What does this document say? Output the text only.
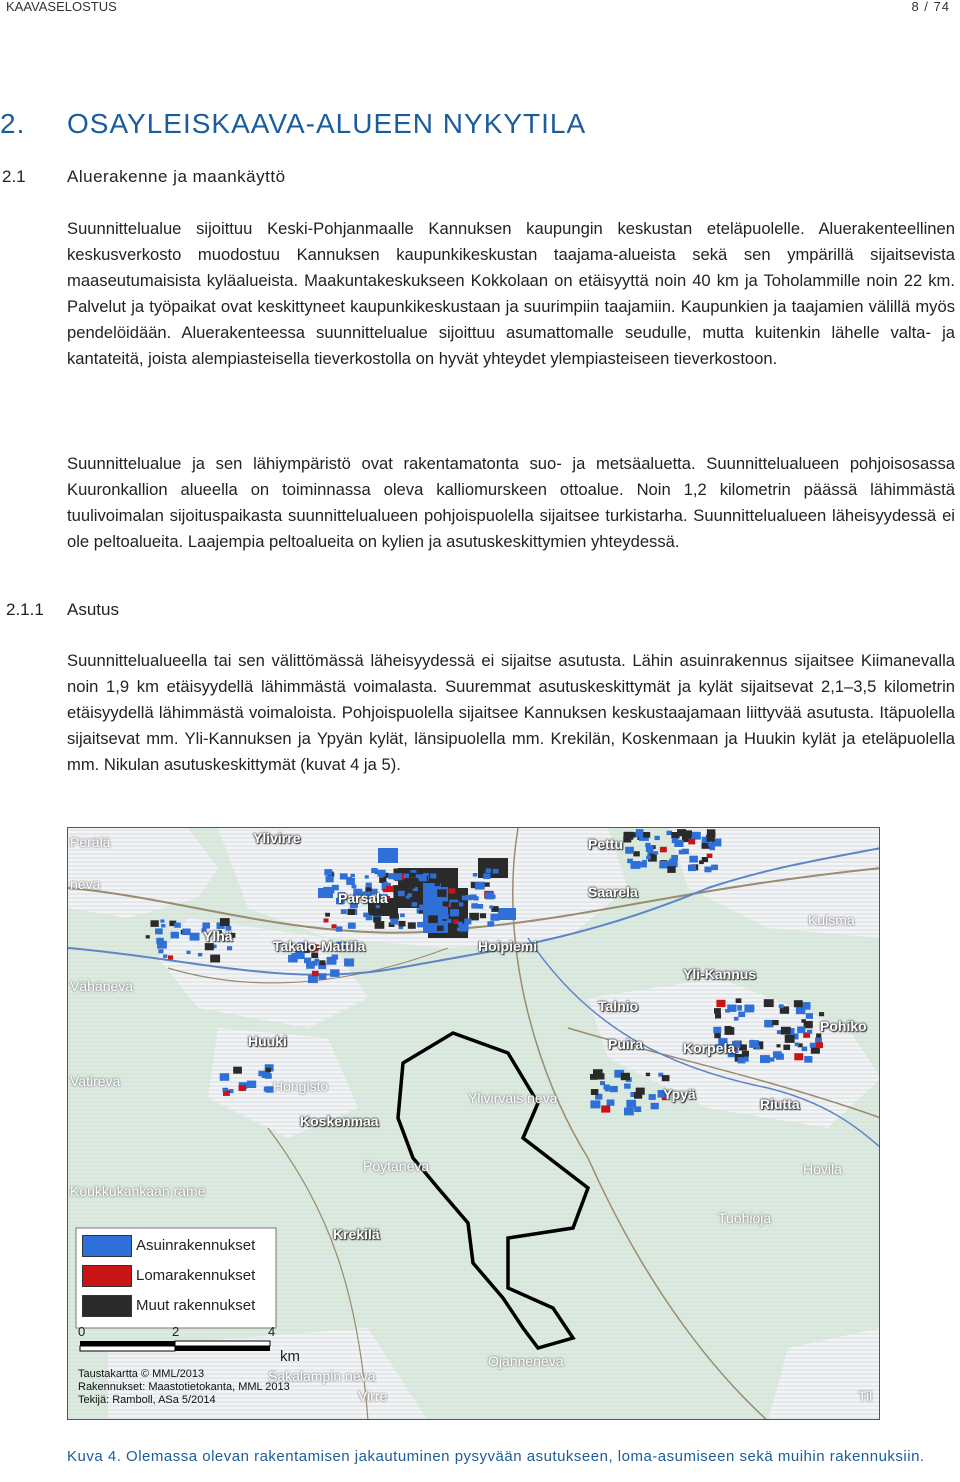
KAAVASELOSTUS	8 / 74
2. OSAYLEISKAAVA-ALUEEN NYKYTILA
2.1 Aluerakenne ja maankäyttö

Suunnittelualue sijoittuu Keski-Pohjanmaalle Kannuksen kaupungin keskustan eteläpuolelle. Aluerakenteellinen keskusverkosto muodostuu Kannuksen kaupunkikeskustan taajama-alueista sekä sen ympärillä sijaitsevista maaseutumaisista kyläalueista. Maakuntakeskukseen Kokkolaan on etäisyyttä noin 40 km ja Toholammille noin 22 km. Palvelut ja työpaikat ovat keskittyneet kaupunkikeskustaan ja suurimpiin taajamiin. Kaupunkien ja taajamien välillä myös pendelöidään. Aluerakenteessa suunnittelualue sijoittuu asumattomalle seudulle, mutta kuitenkin lähelle valta- ja kantateitä, joista alempiasteisella tieverkostolla on hyvät yhteydet ylempiasteiseen tieverkostoon.

Suunnittelualue ja sen lähiympäristö ovat rakentamatonta suo- ja metsäaluetta. Suunnittelualueen pohjoisosassa Kuuronkallion alueella on toiminnassa oleva kalliomurskeen ottoalue. Noin 1,2 kilometrin päässä lähimmästä tuulivoimalan sijoituspaikasta suunnittelualueen pohjoispuolella sijaitsee turkistarha. Suunnittelualueen läheisyydessä ei ole peltoalueita. Laajempia peltoalueita on kylien ja asutuskeskittymien yhteydessä.

2.1.1 Asutus

Suunnittelualueella tai sen välittömässä läheisyydessä ei sijaitse asutusta. Lähin asuinrakennus sijaitsee Kiimanevalla noin 1,9 km etäisyydellä lähimmästä voimalasta. Suuremmat asutuskeskittymät ja kylät sijaitsevat 2,1–3,5 kilometrin etäisyydellä lähimmästä voimaloista. Pohjoispuolella sijaitsee Kannuksen keskustaajamaan liittyvää asutusta. Itäpuolella sijaitsevat mm. Yli-Kannuksen ja Ypyän kylät, länsipuolella mm. Krekilän, Koskenmaan ja Huukin kylät ja eteläpuolella mm. Nikulan asutuskeskittymät (kuvat 4 ja 5).

Perälä
neva
Ylivirre	Pettu
Parsala	Saarela
Kuisma
Ylhä
Takalo-Mattila	Hoipiemi
Vähäneva
Yli-Kannus
Talnio
Pohiko
Huuki	Puira	Korpela
Vatireva	Hongisto
Ylivirvais neva	Ypyä
Riutta
Koskenmaa
Poytaneva	Hovila
Koukkukankaan rame
Tuohioja
Krekilä
Ojanneneva
Sakalampin neva
Virre	Til
Asuinrakennukset
Lomarakennukset
Muut rakennukset
0	2	4
km
Taustakartta © MML/2013
Rakennukset: Maastotietokanta, MML 2013
Tekijä: Ramboll, ASa 5/2014

Kuva 4. Olemassa olevan rakentamisen jakautuminen pysyvään asutukseen, loma-asumiseen sekä muihin rakennuksiin.
